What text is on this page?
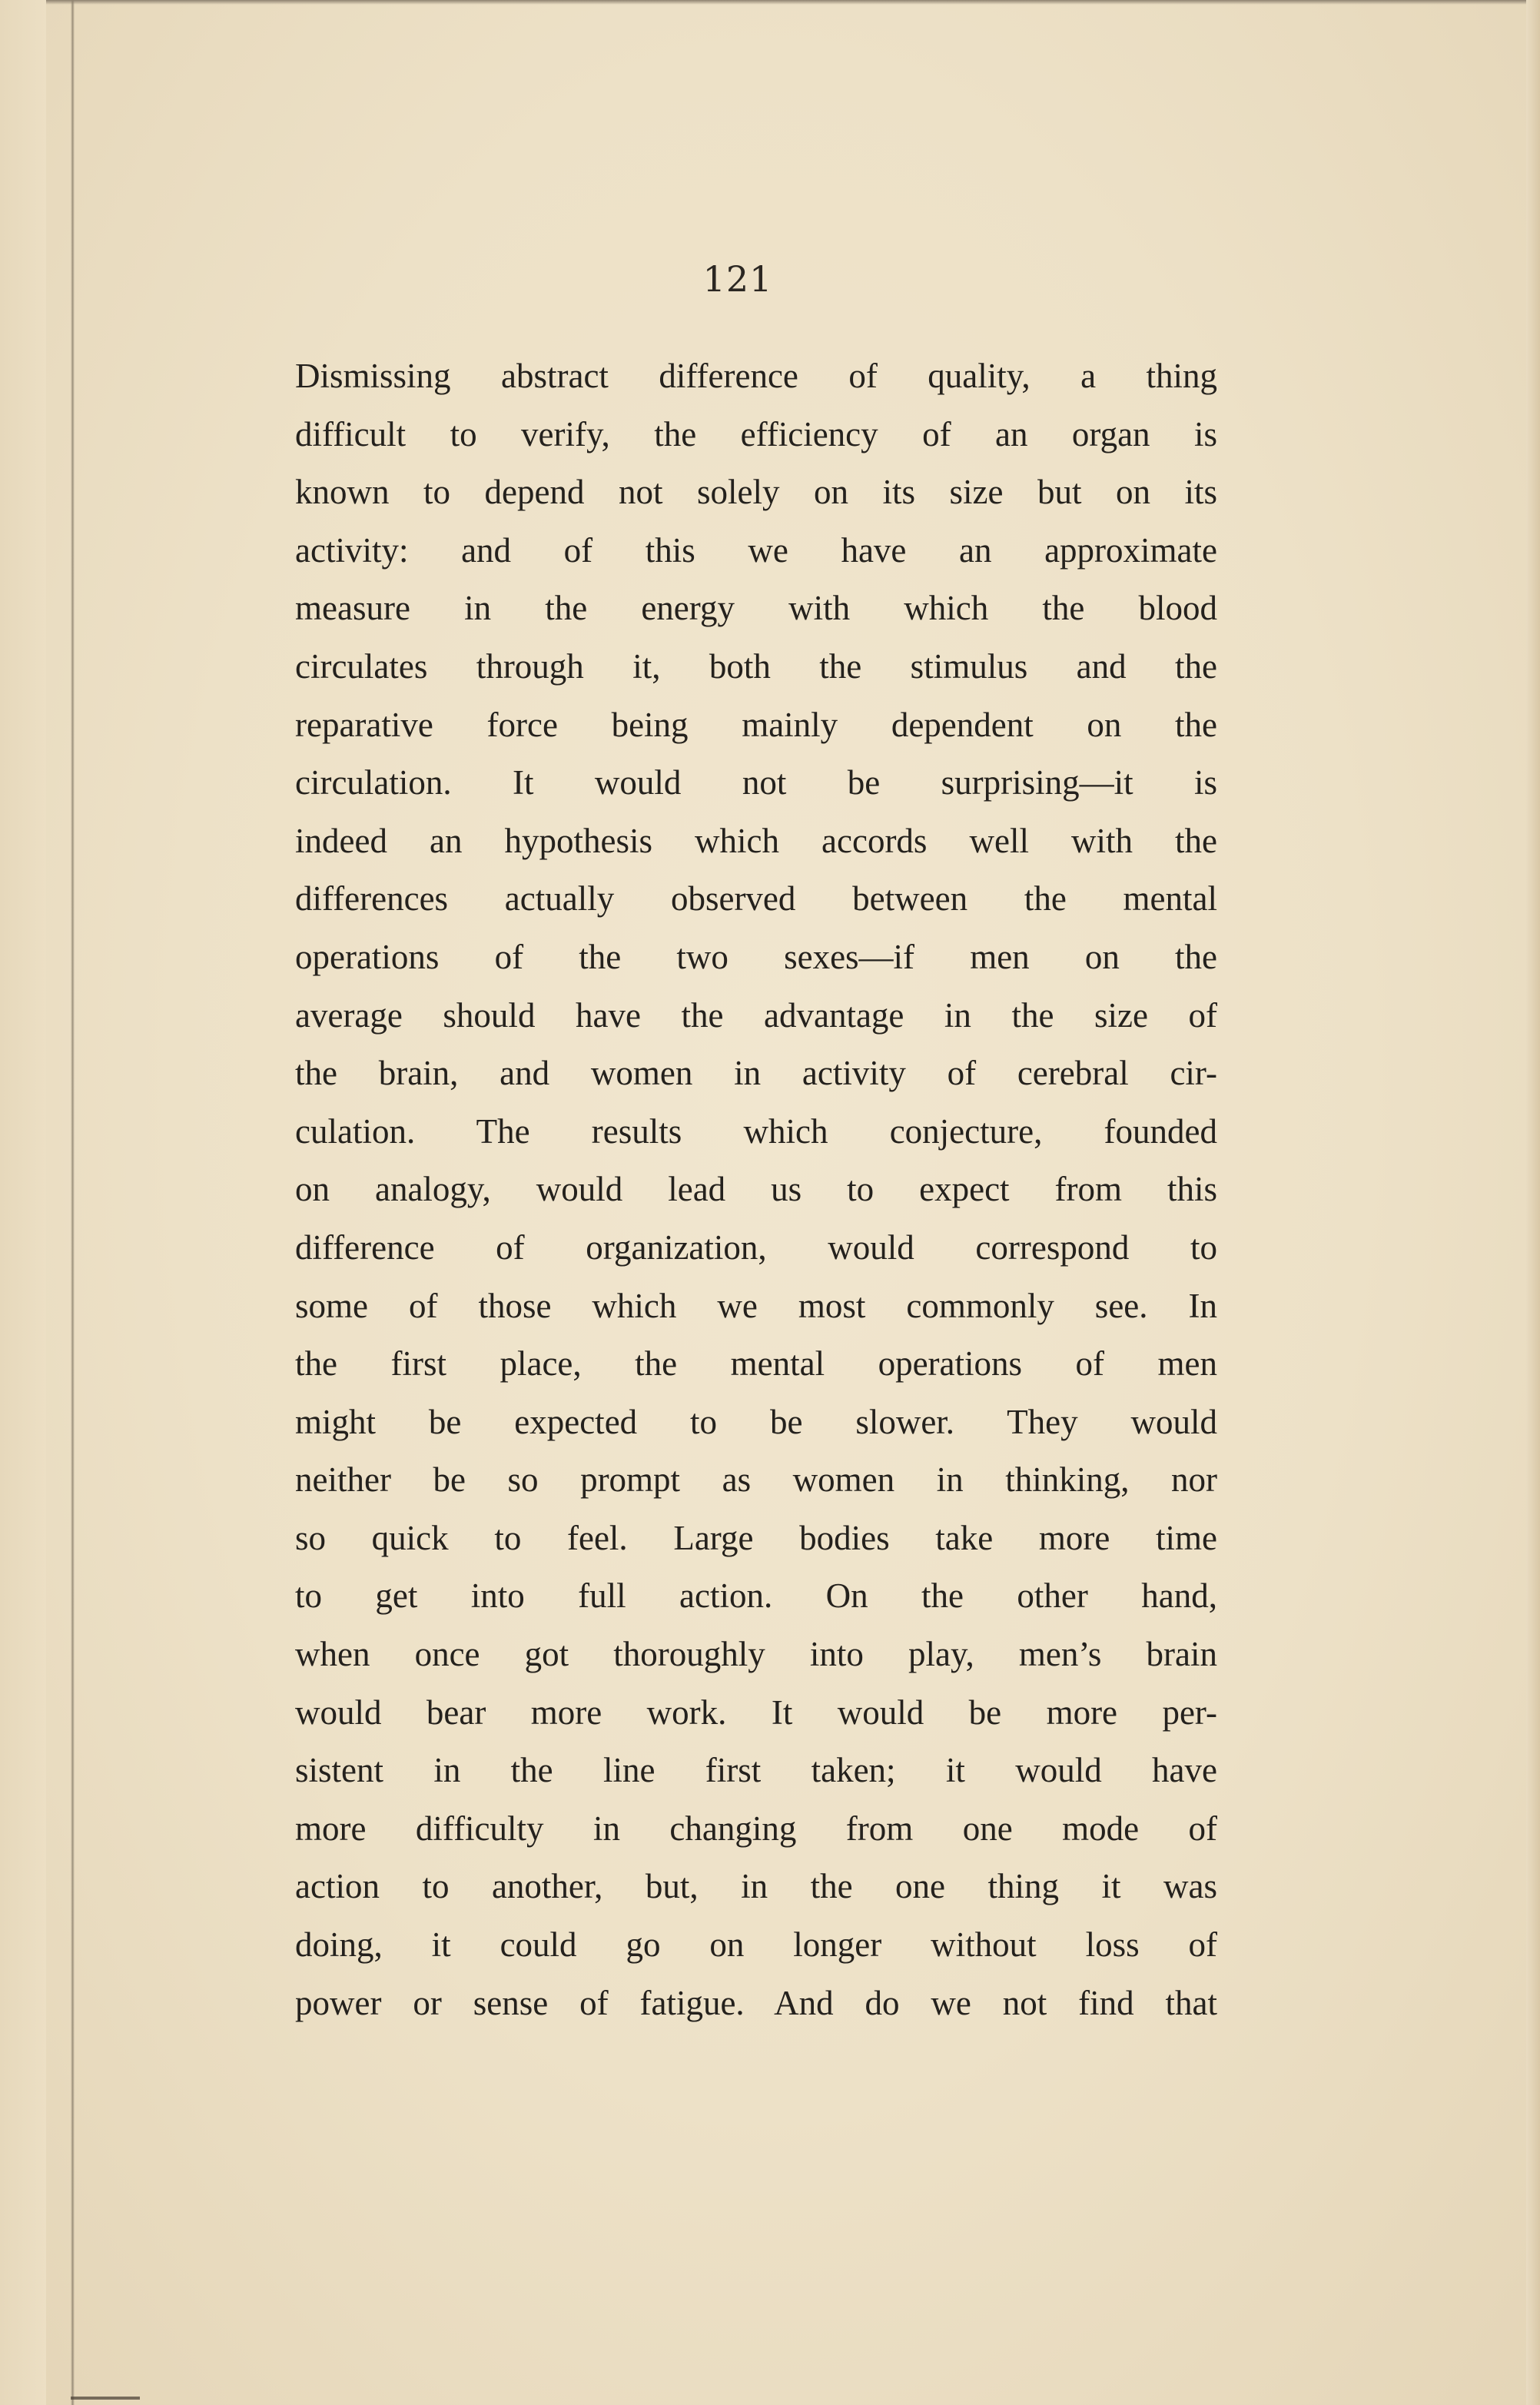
121
Dismissing abstract difference of quality, a thing
difficult to verify, the efficiency of an organ is
known to depend not solely on its size but on its
activity: and of this we have an approximate
measure in the energy with which the blood
circulates through it, both the stimulus and the
reparative force being mainly dependent on the
circulation. It would not be surprising—it is
indeed an hypothesis which accords well with the
differences actually observed between the mental
operations of the two sexes—if men on the
average should have the advantage in the size of
the brain, and women in activity of cerebral cir-
culation. The results which conjecture, founded
on analogy, would lead us to expect from this
difference of organization, would correspond to
some of those which we most commonly see. In
the first place, the mental operations of men
might be expected to be slower. They would
neither be so prompt as women in thinking, nor
so quick to feel. Large bodies take more time
to get into full action. On the other hand,
when once got thoroughly into play, men’s brain
would bear more work. It would be more per-
sistent in the line first taken; it would have
more difficulty in changing from one mode of
action to another, but, in the one thing it was
doing, it could go on longer without loss of
power or sense of fatigue. And do we not find that
